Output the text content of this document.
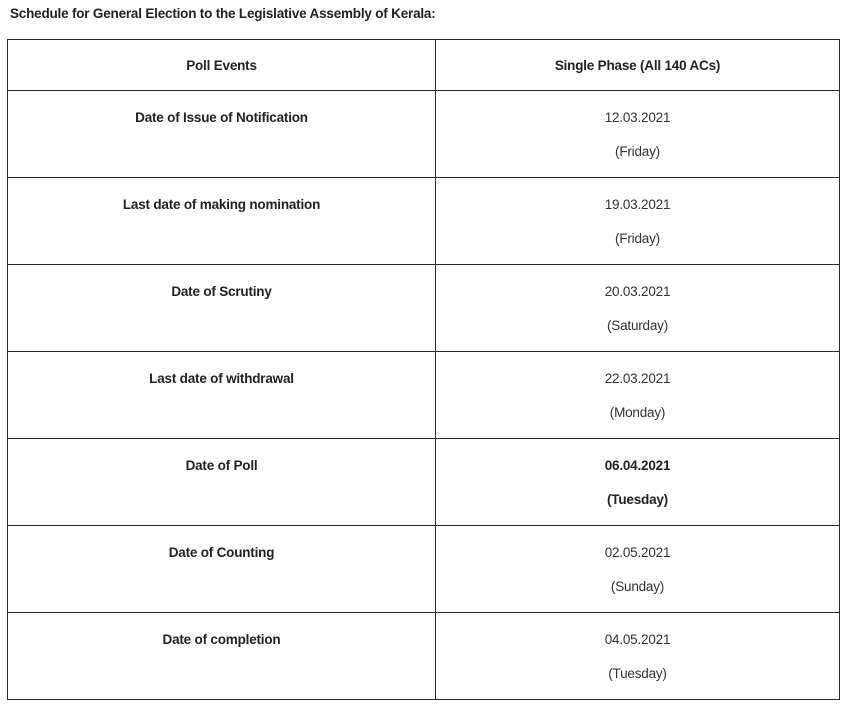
Schedule for General Election to the Legislative Assembly of Kerala:
Poll Events	Single Phase (All 140 ACs)

Date of Issue of Notification	12.03.2021
(Friday)

Last date of making nomination	19.03.2021
(Friday)

Date of Scrutiny	20.03.2021
(Saturday)

Last date of withdrawal	22.03.2021
(Monday)

Date of Poll	06.04.2021
(Tuesday)

Date of Counting	02.05.2021
(Sunday)

Date of completion	04.05.2021
(Tuesday)
